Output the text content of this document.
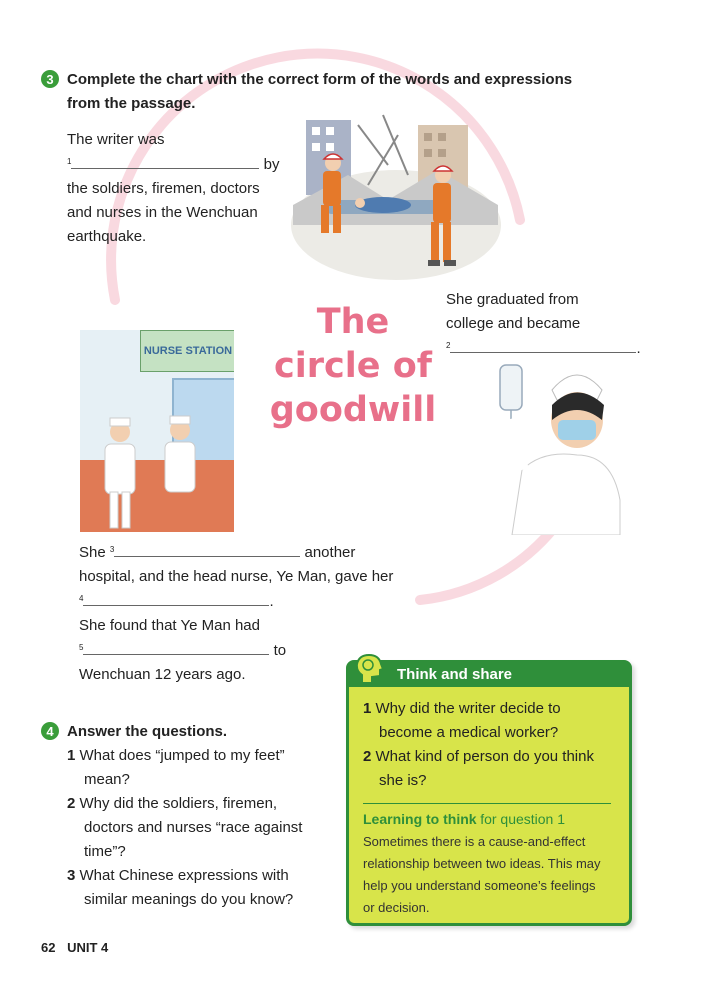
3 Complete the chart with the correct form of the words and expressions
from the passage.
The writer was
$^1$	by
the soldiers, firemen, doctors
and nurses in the Wenchuan
earthquake.
She graduated from
college and became
$^2$	.
The
circle of
goodwill
NURSE STATION
She $^3$	another
hospital, and the head nurse, Ye Man, gave her
$^4$	.
She found that Ye Man had
$^5$	to
Wenchuan 12 years ago.
4 Answer the questions.
1 What does “jumped to my feet”
mean?
2 Why did the soldiers, firemen,
doctors and nurses “race against
time”?
3 What Chinese expressions with
similar meanings do you know?
Think and share
1 Why did the writer decide to
become a medical worker?
2 What kind of person do you think
she is?
Learning to think for question 1
Sometimes there is a cause-and-effect
relationship between two ideas. This may
help you understand someone’s feelings
or decision.
62 UNIT 4
